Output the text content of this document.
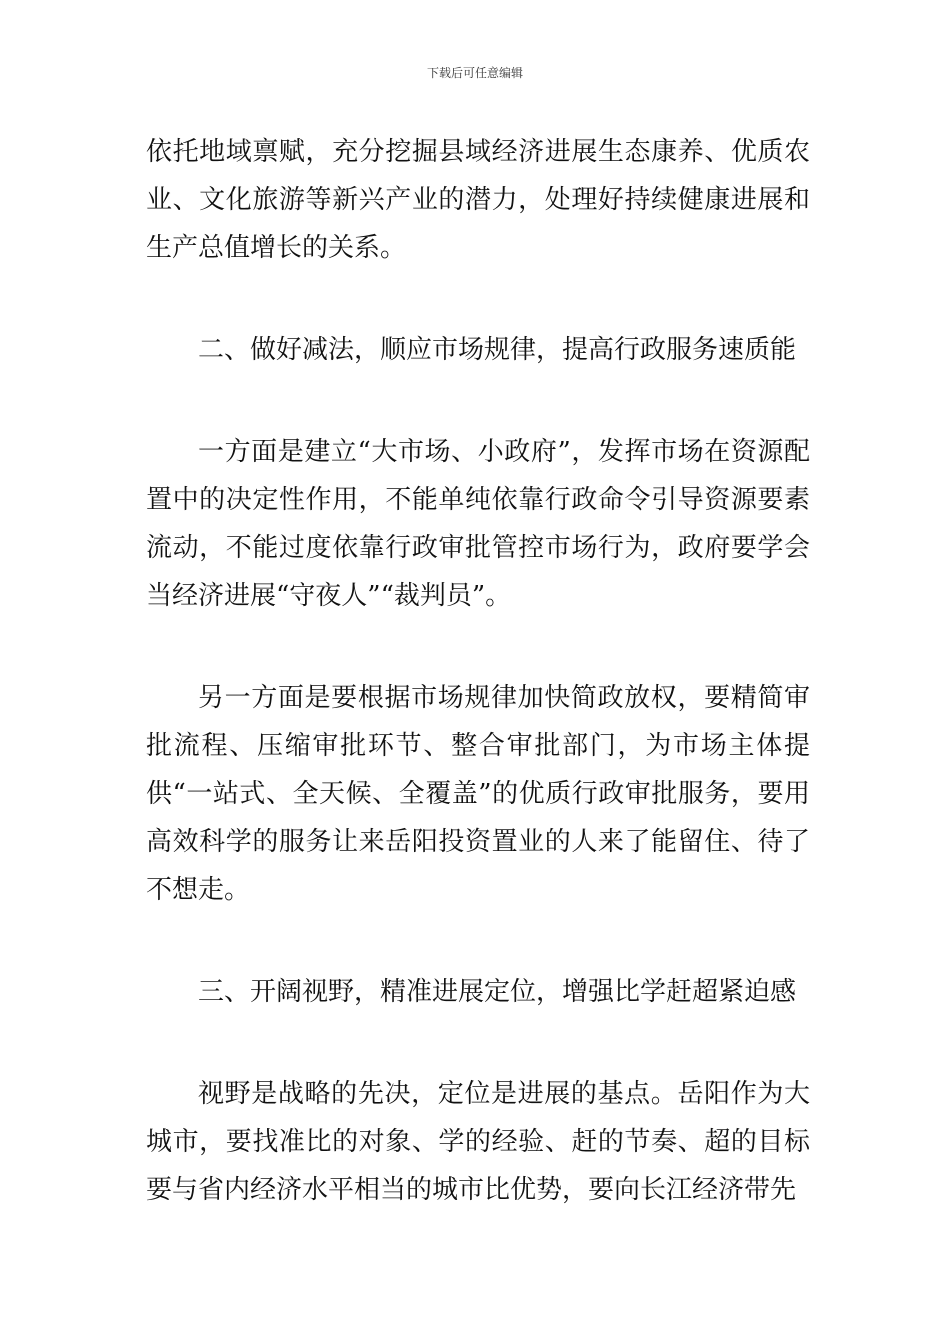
下载后可任意编辑

依托地域禀赋，充分挖掘县域经济进展生态康养、优质农业、文化旅游等新兴产业的潜力，处理好持续健康进展和生产总值增长的关系。

二、做好减法，顺应市场规律，提高行政服务速质能

一方面是建立“大市场、小政府”，发挥市场在资源配置中的决定性作用，不能单纯依靠行政命令引导资源要素流动，不能过度依靠行政审批管控市场行为，政府要学会当经济进展“守夜人”“裁判员”。

另一方面是要根据市场规律加快简政放权，要精简审批流程、压缩审批环节、整合审批部门，为市场主体提供“一站式、全天候、全覆盖”的优质行政审批服务，要用高效科学的服务让来岳阳投资置业的人来了能留住、待了不想走。

三、开阔视野，精准进展定位，增强比学赶超紧迫感

视野是战略的先决，定位是进展的基点。岳阳作为大城市，要找准比的对象、学的经验、赶的节奏、超的目标要与省内经济水平相当的城市比优势，要向长江经济带先
